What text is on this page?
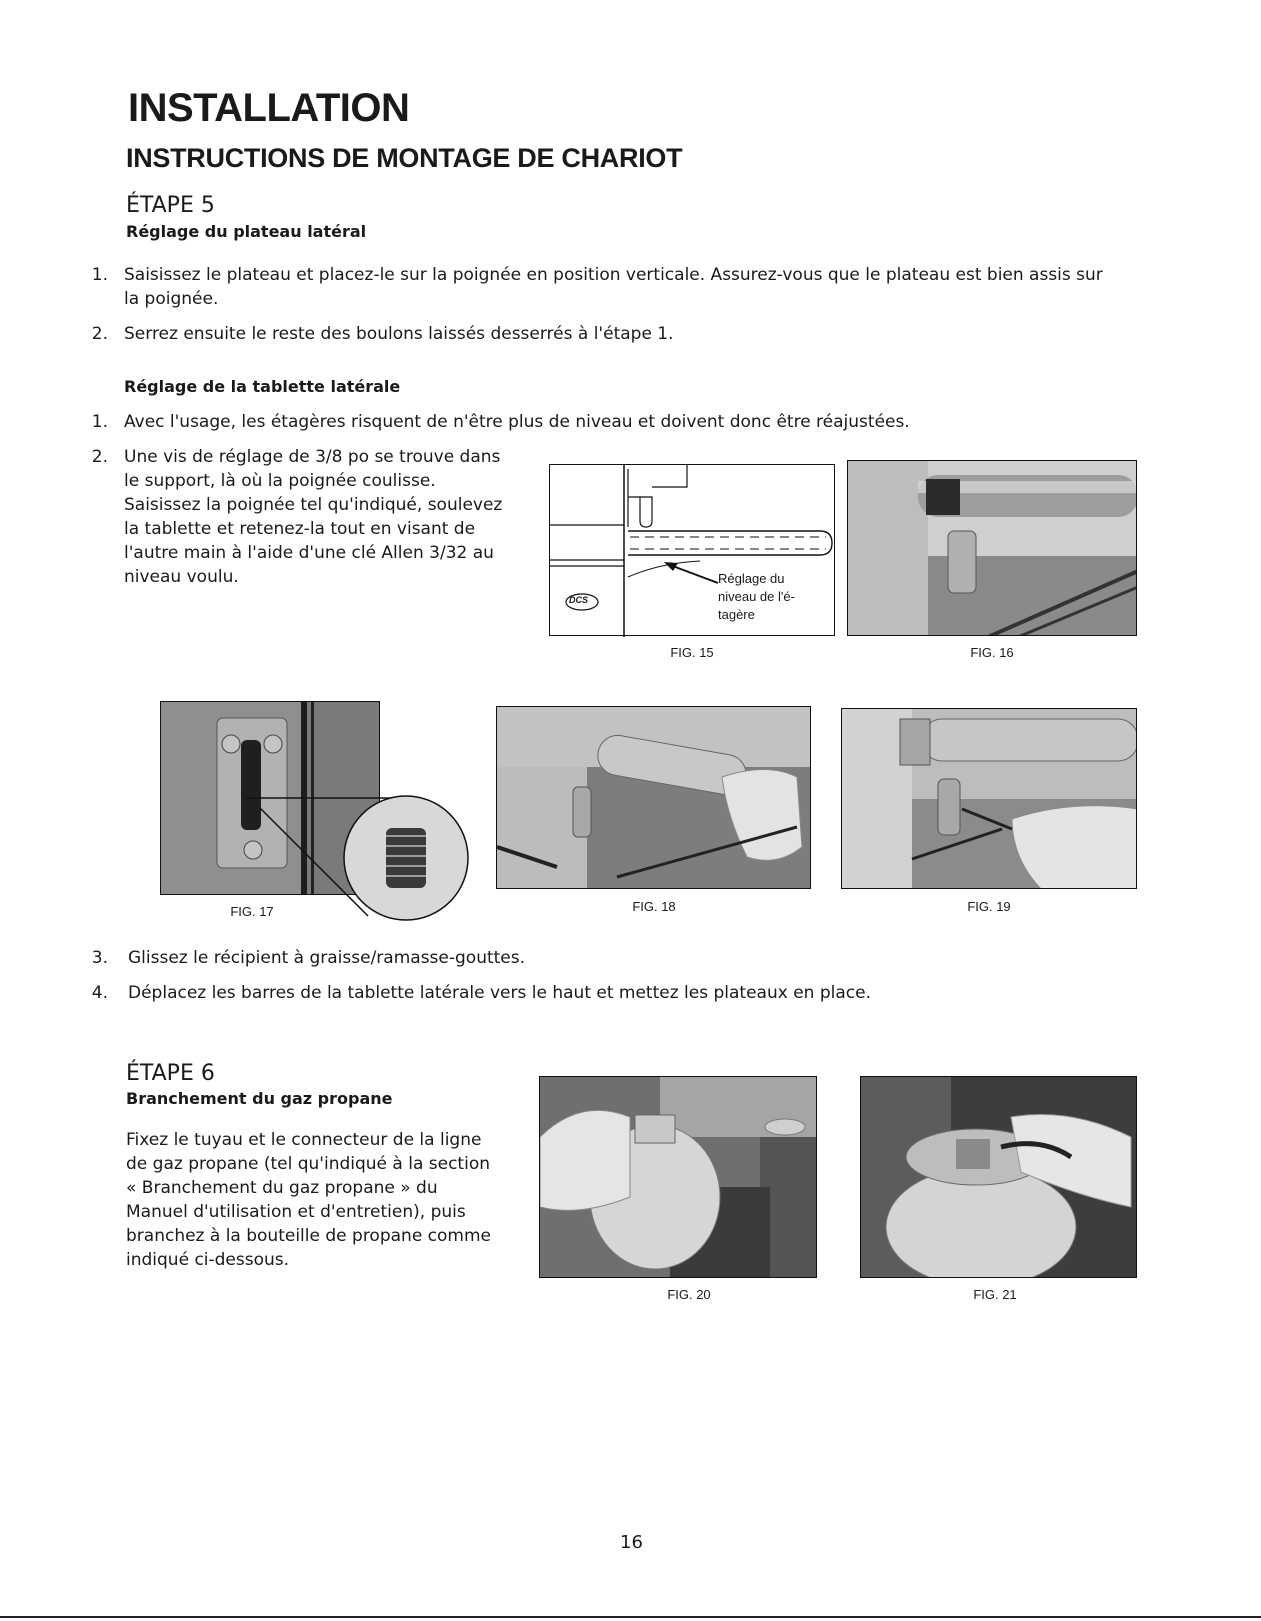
INSTALLATION
INSTRUCTIONS DE MONTAGE DE CHARIOT
ÉTAPE 5
Réglage du plateau latéral
1. Saisissez le plateau et placez-le sur la poignée en position verticale. Assurez-vous que le plateau est bien assis sur
la poignée.
2. Serrez ensuite le reste des boulons laissés desserrés à l'étape 1.
Réglage de la tablette latérale
1. Avec l'usage, les étagères risquent de n'être plus de niveau et doivent donc être réajustées.
2. Une vis de réglage de 3/8 po se trouve dans
le support, là où la poignée coulisse.
Saisissez la poignée tel qu'indiqué, soulevez
la tablette et retenez-la tout en visant de
l'autre main à l'aide d'une clé Allen 3/32 au
niveau voulu.
DCS
Réglage du
niveau de l'é-
tagère
FIG. 15	FIG. 16
FIG. 17	FIG. 18	FIG. 19
3. Glissez le récipient à graisse/ramasse-gouttes.
4. Déplacez les barres de la tablette latérale vers le haut et mettez les plateaux en place.
ÉTAPE 6
Branchement du gaz propane
Fixez le tuyau et le connecteur de la ligne
de gaz propane (tel qu'indiqué à la section
« Branchement du gaz propane » du
Manuel d'utilisation et d'entretien), puis
branchez à la bouteille de propane comme
indiqué ci-dessous.
FIG. 20	FIG. 21
16
